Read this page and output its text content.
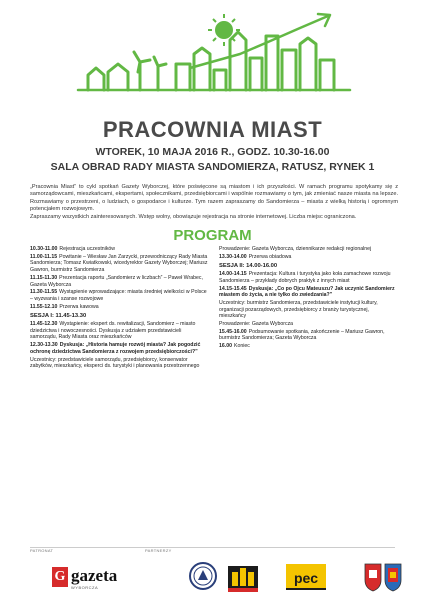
PRACOWNIA MIAST
WTOREK, 10 MAJA 2016 R., GODZ. 10.30-16.00
SALA OBRAD RADY MIASTA SANDOMIERZA, RATUSZ, RYNEK 1

„Pracownia Miast” to cykl spotkań Gazety Wyborczej, które poświęcone są miastom i ich przyszłości. W ramach programu spotykamy się z samorządowcami, mieszkańcami, ekspertami, społecznikami, przedsiębiorcami i wspólnie rozmawiamy o tym, jak zmieniać nasze miasta na lepsze. Rozmawiamy o przestrzeni, o ludziach, o gospodarce i kulturze. Tym razem zapraszamy do Sandomierza – miasta z wielką historią i ogromnym potencjałem rozwojowym.

Zapraszamy wszystkich zainteresowanych. Wstęp wolny, obowiązuje rejestracja na stronie internetowej. Liczba miejsc ograniczona.

PROGRAM
10.30-11.00 Rejestracja uczestników
11.00-11.15 Powitanie – Wiesław Jan Zarzycki, przewodniczący Rady Miasta Sandomierza; Tomasz Kwiatkowski, wicedyrektor Gazety Wyborczej; Mariusz Gawron, burmistrz Sandomierza
11.15-11.30 Prezentacja raportu „Sandomierz w liczbach” – Paweł Wrabec, Gazeta Wyborcza
11.30-11.55 Wystąpienie wprowadzające: miasta średniej wielkości w Polsce – wyzwania i szanse rozwojowe
11.55-12.10 Przerwa kawowa
SESJA I: 11.45-13.30
11.45-12.30 Wystąpienie: ekspert ds. rewitalizacji, Sandomierz – miasto dziedzictwa i nowoczesności. Dyskusja z udziałem przedstawicieli samorządu, Rady Miasta oraz mieszkańców
12.30-13.30 Dyskusja: „Historia hamuje rozwój miasta? Jak pogodzić ochronę dziedzictwa Sandomierza z rozwojem przedsiębiorczości?”
Uczestnicy: przedstawiciele samorządu, przedsiębiorcy, konserwator zabytków, mieszkańcy, eksperci ds. turystyki i planowania przestrzennego
Prowadzenie: Gazeta Wyborcza, dziennikarze redakcji regionalnej
13.30-14.00 Przerwa obiadowa
SESJA II: 14.00-16.00
14.00-14.15 Prezentacja: Kultura i turystyka jako koła zamachowe rozwoju Sandomierza – przykłady dobrych praktyk z innych miast
14.15-15.45 Dyskusja: „Co po Ojcu Mateuszu? Jak uczynić Sandomierz miastem do życia, a nie tylko do zwiedzania?”
Uczestnicy: burmistrz Sandomierza, przedstawiciele instytucji kultury, organizacji pozarządowych, przedsiębiorcy z branży turystycznej, mieszkańcy
Prowadzenie: Gazeta Wyborcza
15.45-16.00 Podsumowanie spotkania, zakończenie – Mariusz Gawron, burmistrz Sandomierza; Gazeta Wyborcza
16.00 Koniec
PATRONAT	PARTNERZY
G gazeta
WYBORCZA
pec
